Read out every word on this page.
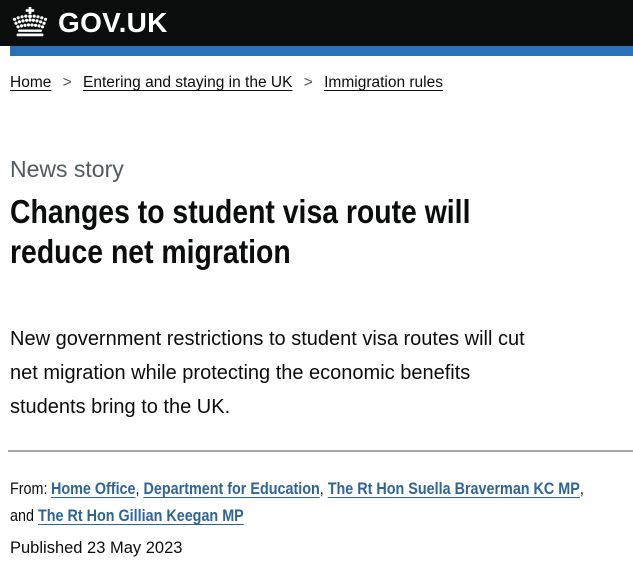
GOV.UK
Home > Entering and staying in the UK > Immigration rules

News story

Changes to student visa route will
reduce net migration

New government restrictions to student visa routes will cut
net migration while protecting the economic benefits
students bring to the UK.

From: Home Office, Department for Education, The Rt Hon Suella Braverman KC MP,
and The Rt Hon Gillian Keegan MP

Published 23 May 2023
